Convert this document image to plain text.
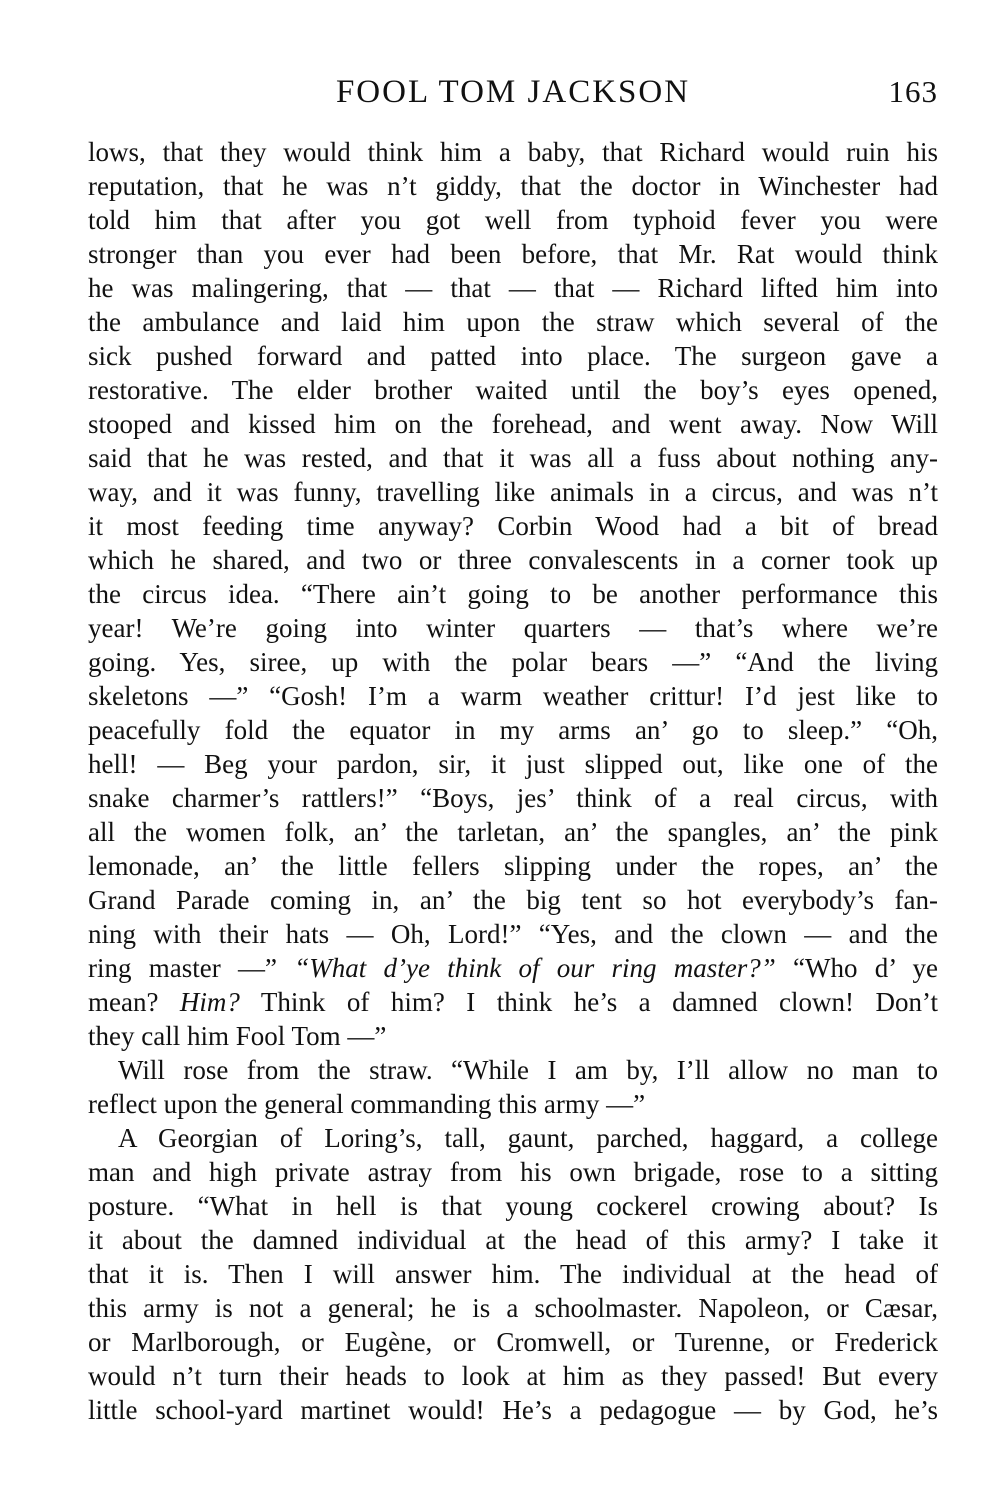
FOOL TOM JACKSON	163
lows, that they would think him a baby, that Richard would ruin his
reputation, that he was n’t giddy, that the doctor in Winchester had
told him that after you got well from typhoid fever you were
stronger than you ever had been before, that Mr. Rat would think
he was malingering, that — that — that — Richard lifted him into
the ambulance and laid him upon the straw which several of the
sick pushed forward and patted into place. The surgeon gave a
restorative. The elder brother waited until the boy’s eyes opened,
stooped and kissed him on the forehead, and went away. Now Will
said that he was rested, and that it was all a fuss about nothing any-
way, and it was funny, travelling like animals in a circus, and was n’t
it most feeding time anyway? Corbin Wood had a bit of bread
which he shared, and two or three convalescents in a corner took up
the circus idea. “There ain’t going to be another performance this
year! We’re going into winter quarters — that’s where we’re
going. Yes, siree, up with the polar bears —” “And the living
skeletons —” “Gosh! I’m a warm weather crittur! I’d jest like to
peacefully fold the equator in my arms an’ go to sleep.” “Oh,
hell! — Beg your pardon, sir, it just slipped out, like one of the
snake charmer’s rattlers!” “Boys, jes’ think of a real circus, with
all the women folk, an’ the tarletan, an’ the spangles, an’ the pink
lemonade, an’ the little fellers slipping under the ropes, an’ the
Grand Parade coming in, an’ the big tent so hot everybody’s fan-
ning with their hats — Oh, Lord!” “Yes, and the clown — and the
ring master —” “What d’ye think of our ring master?” “Who d’ ye
mean? Him? Think of him? I think he’s a damned clown! Don’t
they call him Fool Tom —”
Will rose from the straw. “While I am by, I’ll allow no man to
reflect upon the general commanding this army —”
A Georgian of Loring’s, tall, gaunt, parched, haggard, a college
man and high private astray from his own brigade, rose to a sitting
posture. “What in hell is that young cockerel crowing about? Is
it about the damned individual at the head of this army? I take it
that it is. Then I will answer him. The individual at the head of
this army is not a general; he is a schoolmaster. Napoleon, or Cæsar,
or Marlborough, or Eugène, or Cromwell, or Turenne, or Frederick
would n’t turn their heads to look at him as they passed! But every
little school-yard martinet would! He’s a pedagogue — by God, he’s
